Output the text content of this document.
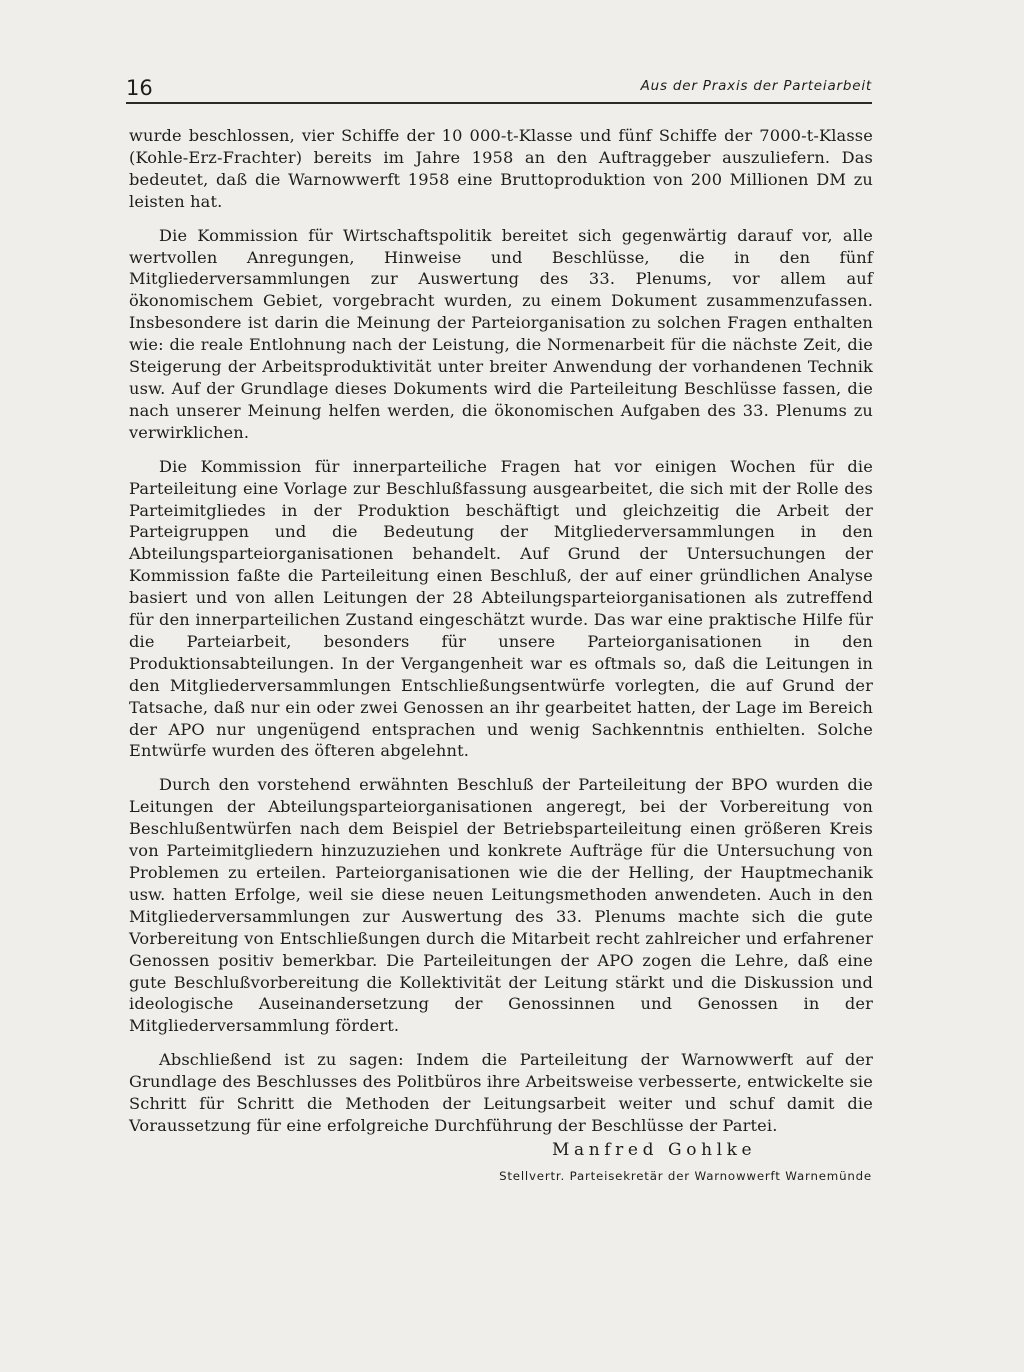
16	Aus der Praxis der Parteiarbeit

wurde beschlossen, vier Schiffe der 10 000-t-Klasse und fünf Schiffe der 7000-t-Klasse (Kohle-Erz-Frachter) bereits im Jahre 1958 an den Auftraggeber auszuliefern. Das bedeutet, daß die Warnowwerft 1958 eine Bruttoproduktion von 200 Millionen DM zu leisten hat.

Die Kommission für Wirtschaftspolitik bereitet sich gegenwärtig darauf vor, alle wertvollen Anregungen, Hinweise und Beschlüsse, die in den fünf Mitgliederversammlungen zur Auswertung des 33. Plenums, vor allem auf ökonomischem Gebiet, vorgebracht wurden, zu einem Dokument zusammenzufassen. Insbesondere ist darin die Meinung der Parteiorganisation zu solchen Fragen enthalten wie: die reale Entlohnung nach der Leistung, die Normenarbeit für die nächste Zeit, die Steigerung der Arbeitsproduktivität unter breiter Anwendung der vorhandenen Technik usw. Auf der Grundlage dieses Dokuments wird die Parteileitung Beschlüsse fassen, die nach unserer Meinung helfen werden, die ökonomischen Aufgaben des 33. Plenums zu verwirklichen.

Die Kommission für innerparteiliche Fragen hat vor einigen Wochen für die Parteileitung eine Vorlage zur Beschlußfassung ausgearbeitet, die sich mit der Rolle des Parteimitgliedes in der Produktion beschäftigt und gleichzeitig die Arbeit der Parteigruppen und die Bedeutung der Mitgliederversammlungen in den Abteilungsparteiorganisationen behandelt. Auf Grund der Untersuchungen der Kommission faßte die Parteileitung einen Beschluß, der auf einer gründlichen Analyse basiert und von allen Leitungen der 28 Abteilungsparteiorganisationen als zutreffend für den innerparteilichen Zustand eingeschätzt wurde. Das war eine praktische Hilfe für die Parteiarbeit, besonders für unsere Parteiorganisationen in den Produktionsabteilungen. In der Vergangenheit war es oftmals so, daß die Leitungen in den Mitgliederversammlungen Entschließungsentwürfe vorlegten, die auf Grund der Tatsache, daß nur ein oder zwei Genossen an ihr gearbeitet hatten, der Lage im Bereich der APO nur ungenügend entsprachen und wenig Sachkenntnis enthielten. Solche Entwürfe wurden des öfteren abgelehnt.

Durch den vorstehend erwähnten Beschluß der Parteileitung der BPO wurden die Leitungen der Abteilungsparteiorganisationen angeregt, bei der Vorbereitung von Beschlußentwürfen nach dem Beispiel der Betriebsparteileitung einen größeren Kreis von Parteimitgliedern hinzuzuziehen und konkrete Aufträge für die Untersuchung von Problemen zu erteilen. Parteiorganisationen wie die der Helling, der Hauptmechanik usw. hatten Erfolge, weil sie diese neuen Leitungsmethoden anwendeten. Auch in den Mitgliederversammlungen zur Auswertung des 33. Plenums machte sich die gute Vorbereitung von Entschließungen durch die Mitarbeit recht zahlreicher und erfahrener Genossen positiv bemerkbar. Die Parteileitungen der APO zogen die Lehre, daß eine gute Beschlußvorbereitung die Kollektivität der Leitung stärkt und die Diskussion und ideologische Auseinandersetzung der Genossinnen und Genossen in der Mitgliederversammlung fördert.

Abschließend ist zu sagen: Indem die Parteileitung der Warnowwerft auf der Grundlage des Beschlusses des Politbüros ihre Arbeitsweise verbesserte, entwickelte sie Schritt für Schritt die Methoden der Leitungsarbeit weiter und schuf damit die Voraussetzung für eine erfolgreiche Durchführung der Beschlüsse der Partei.

Manfred Gohlke
Stellvertr. Parteisekretär der Warnowwerft Warnemünde
